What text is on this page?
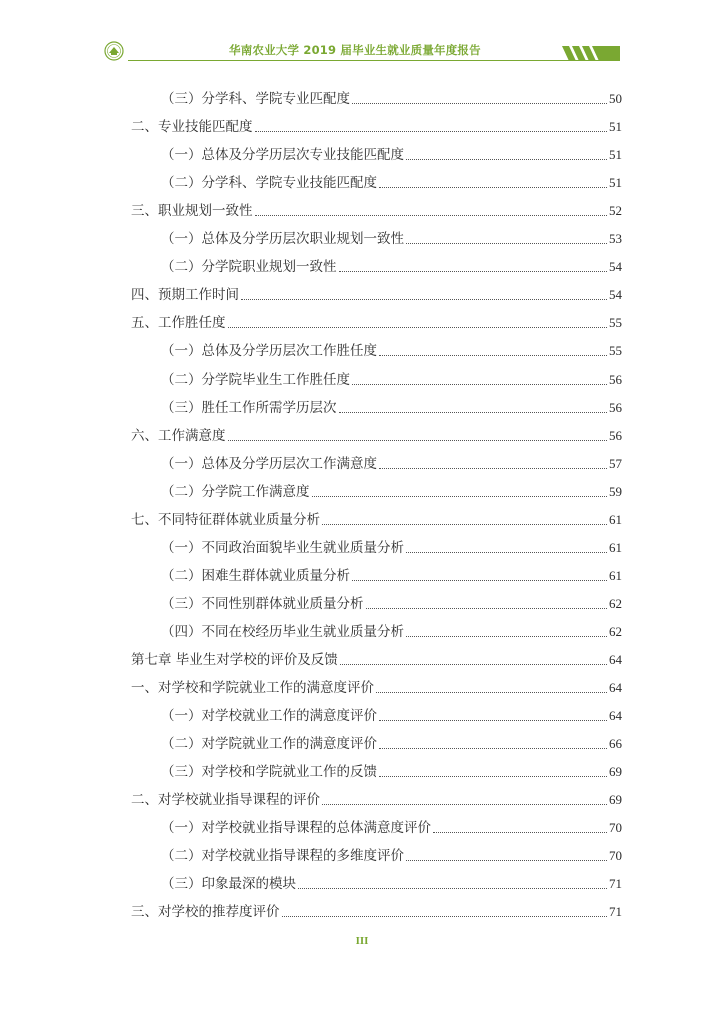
华南农业大学 2019 届毕业生就业质量年度报告
（三）分学科、学院专业匹配度	50
二、专业技能匹配度	51
（一）总体及分学历层次专业技能匹配度	51
（二）分学科、学院专业技能匹配度	51
三、职业规划一致性	52
（一）总体及分学历层次职业规划一致性	53
（二）分学院职业规划一致性	54
四、预期工作时间	54
五、工作胜任度	55
（一）总体及分学历层次工作胜任度	55
（二）分学院毕业生工作胜任度	56
（三）胜任工作所需学历层次	56
六、工作满意度	56
（一）总体及分学历层次工作满意度	57
（二）分学院工作满意度	59
七、不同特征群体就业质量分析	61
（一）不同政治面貌毕业生就业质量分析	61
（二）困难生群体就业质量分析	61
（三）不同性别群体就业质量分析	62
（四）不同在校经历毕业生就业质量分析	62
第七章 毕业生对学校的评价及反馈	64
一、对学校和学院就业工作的满意度评价	64
（一）对学校就业工作的满意度评价	64
（二）对学院就业工作的满意度评价	66
（三）对学校和学院就业工作的反馈	69
二、对学校就业指导课程的评价	69
（一）对学校就业指导课程的总体满意度评价	70
（二）对学校就业指导课程的多维度评价	70
（三）印象最深的模块	71
三、对学校的推荐度评价	71
III
